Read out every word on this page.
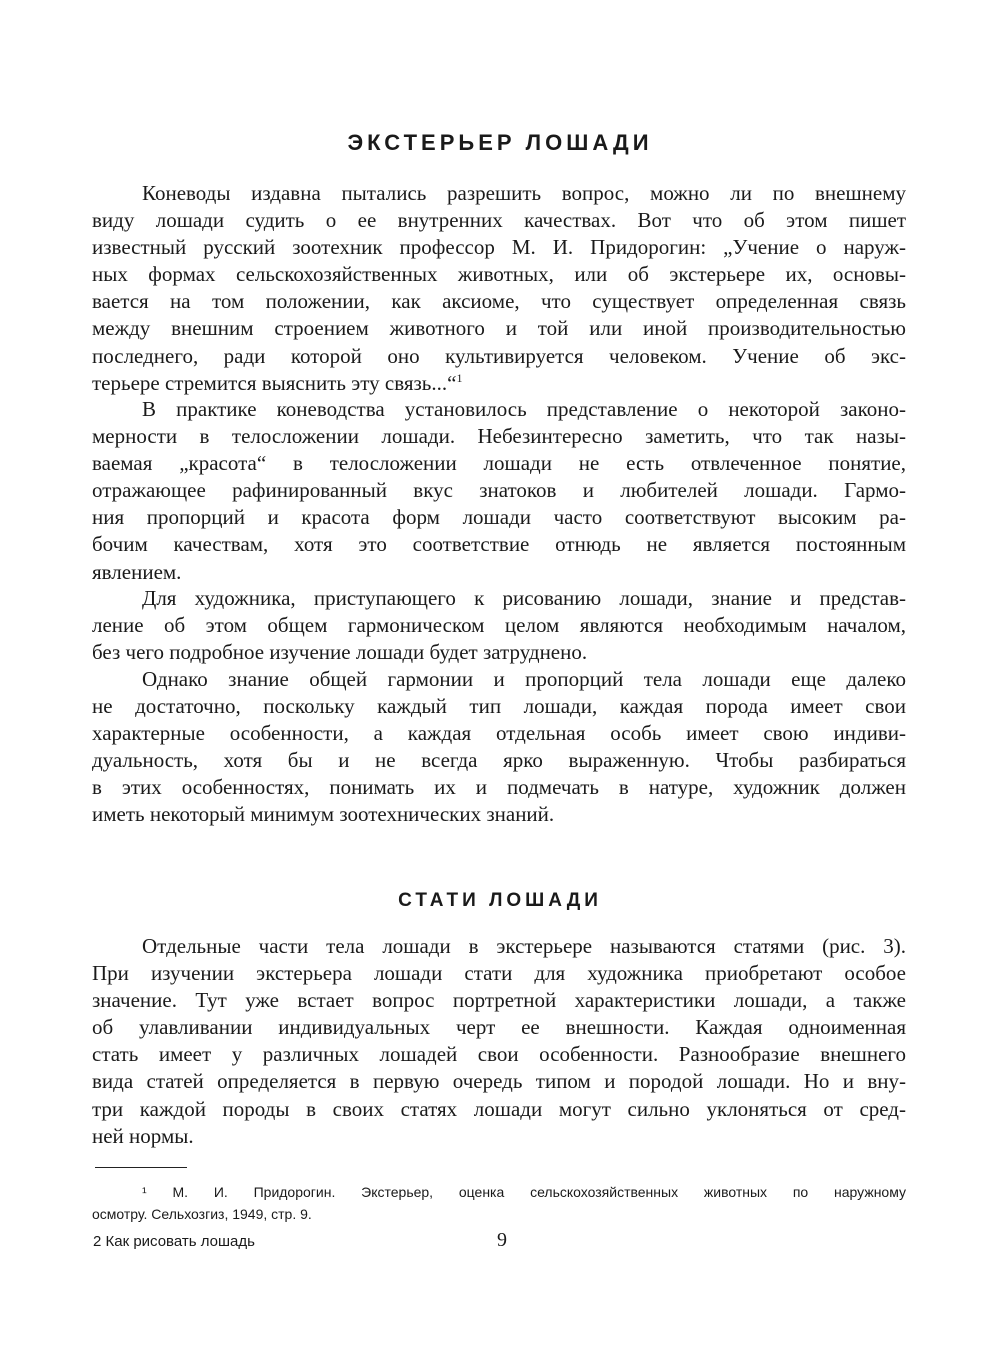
ЭКСТЕРЬЕР ЛОШАДИ
Коневоды издавна пытались разрешить вопрос, можно ли по внешнему
виду лошади судить о ее внутренних качествах. Вот что об этом пишет
известный русский зоотехник профессор М. И. Придорогин: „Учение о наруж-
ных формах сельскохозяйственных животных, или об экстерьере их, основы-
вается на том положении, как аксиоме, что существует определенная связь
между внешним строением животного и той или иной производительностью
последнего, ради которой оно культивируется человеком. Учение об экс-
терьере стремится выяснить эту связь...“$^1$
В практике коневодства установилось представление о некоторой законо-
мерности в телосложении лошади. Небезинтересно заметить, что так назы-
ваемая „красота“ в телосложении лошади не есть отвлеченное понятие,
отражающее рафинированный вкус знатоков и любителей лошади. Гармо-
ния пропорций и красота форм лошади часто соответствуют высоким ра-
бочим качествам, хотя это соответствие отнюдь не является постоянным
явлением.
Для художника, приступающего к рисованию лошади, знание и представ-
ление об этом общем гармоническом целом являются необходимым началом,
без чего подробное изучение лошади будет затруднено.
Однако знание общей гармонии и пропорций тела лошади еще далеко
не достаточно, поскольку каждый тип лошади, каждая порода имеет свои
характерные особенности, а каждая отдельная особь имеет свою индиви-
дуальность, хотя бы и не всегда ярко выраженную. Чтобы разбираться
в этих особенностях, понимать их и подмечать в натуре, художник должен
иметь некоторый минимум зоотехнических знаний.
СТАТИ ЛОШАДИ
Отдельные части тела лошади в экстерьере называются статями (рис. 3).
При изучении экстерьера лошади стати для художника приобретают особое
значение. Тут уже встает вопрос портретной характеристики лошади, а также
об улавливании индивидуальных черт ее внешности. Каждая одноименная
стать имеет у различных лошадей свои особенности. Разнообразие внешнего
вида статей определяется в первую очередь типом и породой лошади. Но и вну-
три каждой породы в своих статях лошади могут сильно уклоняться от сред-
ней нормы.
¹ М. И. Придорогин. Экстерьер, оценка сельскохозяйственных животных по наружному
осмотру. Сельхозгиз, 1949, стр. 9.
2 Как рисовать лошадь	9
